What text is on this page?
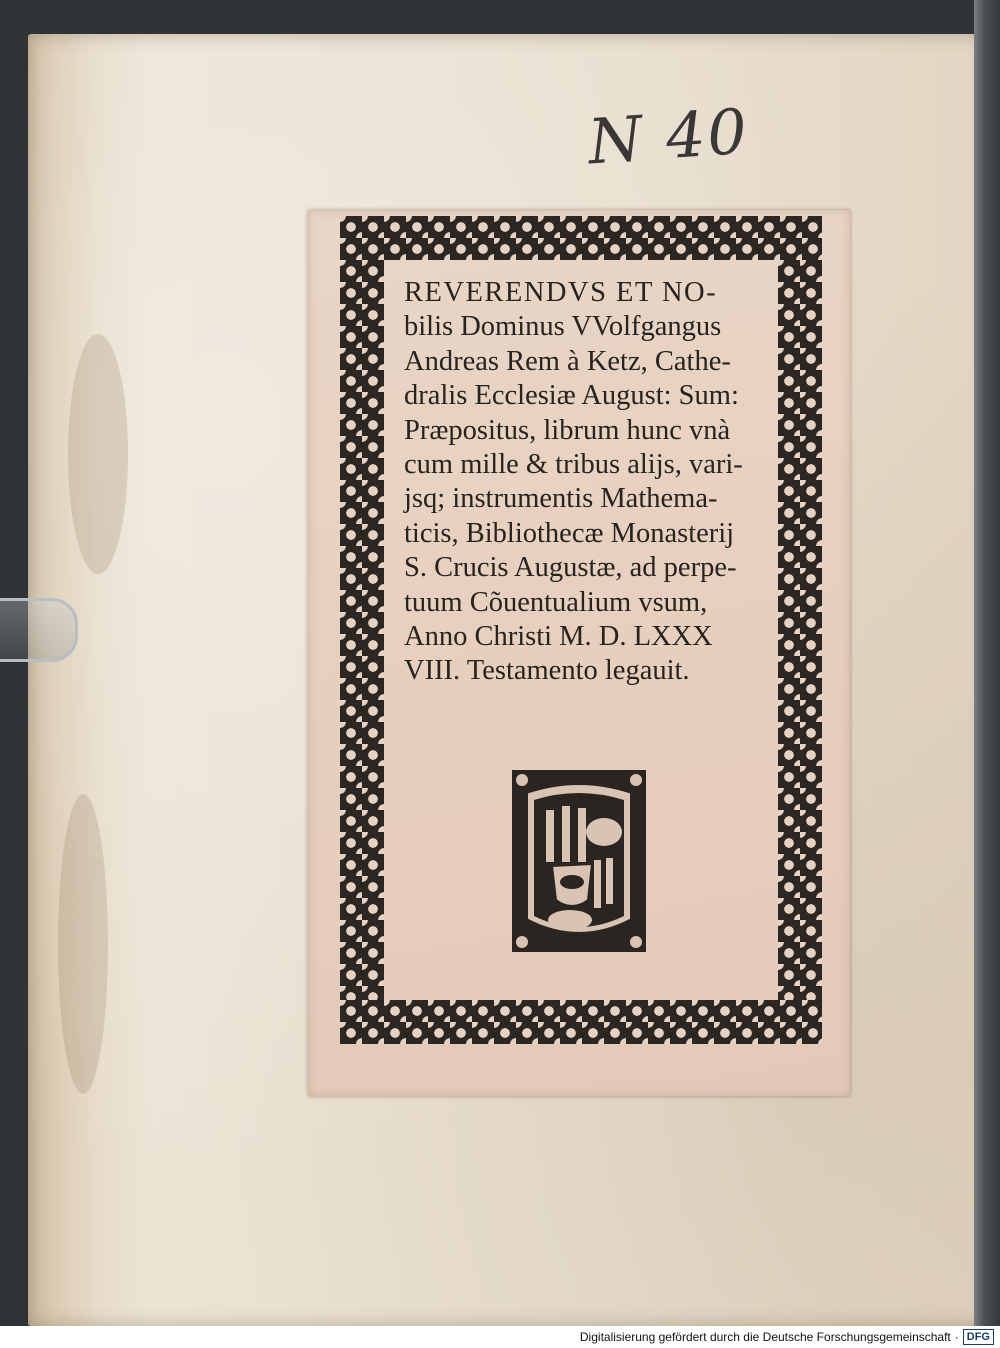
N 40
REVERENDVS ET NO-
bilis Dominus VVolfgangus
Andreas Rem à Ketz, Cathe-
dralis Ecclesiæ August: Sum:
Præpositus, librum hunc vnà
cum mille & tribus alijs, vari-
jsq; instrumentis Mathema-
ticis, Bibliothecæ Monasterij
S. Crucis Augustæ, ad perpe-
tuum Cõuentualium vsum,
Anno Christi M. D. LXXX
VIII. Testamento legauit.
Digitalisierung gefördert durch die Deutsche Forschungsgemeinschaft · DFG
